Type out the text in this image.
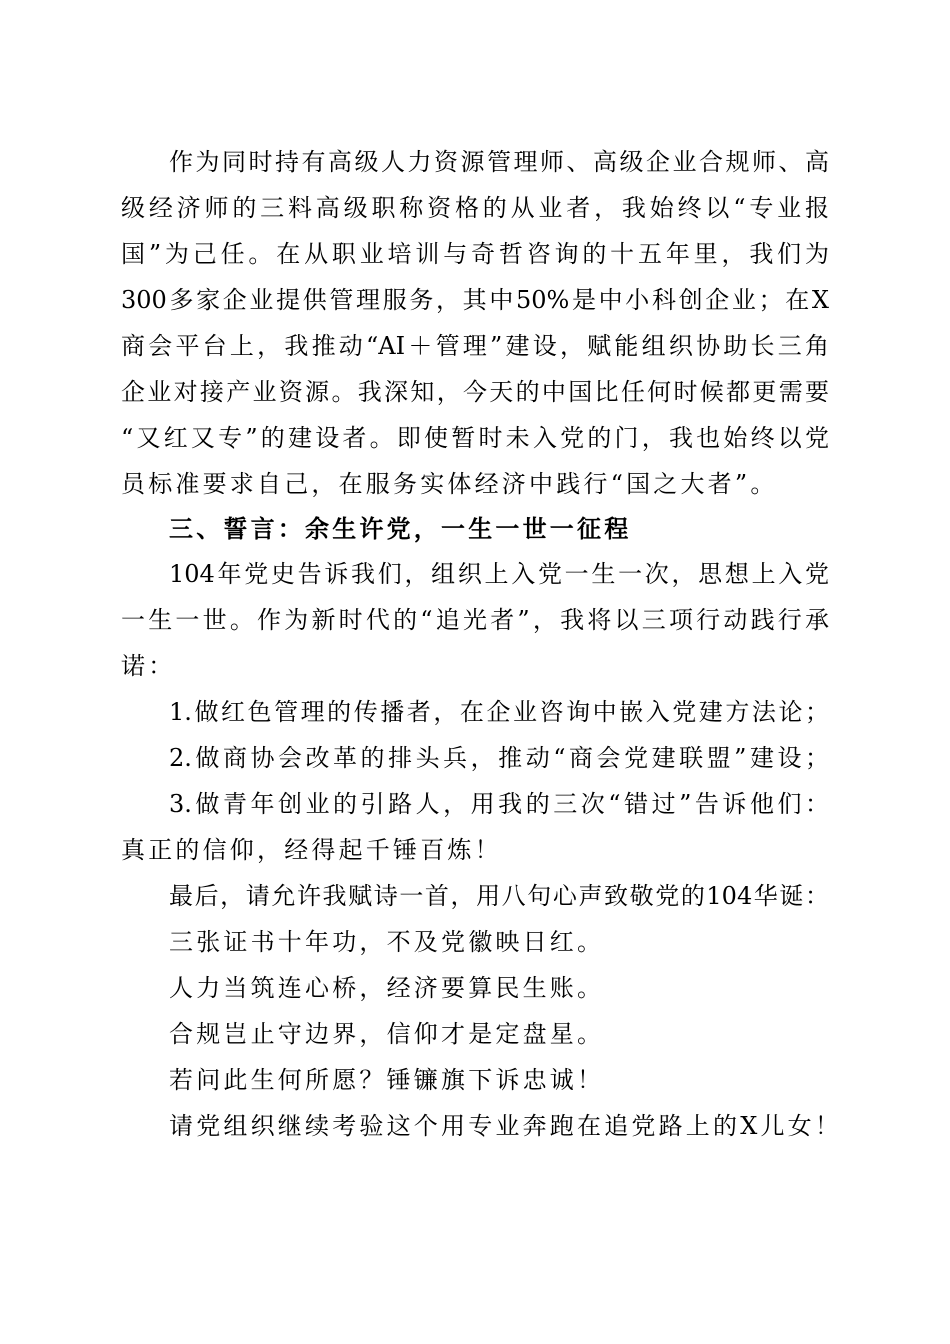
作为同时持有高级人力资源管理师、高级企业合规师、高
级经济师的三料高级职称资格的从业者，我始终以“专业报
国”为己任。在从职业培训与奇哲咨询的十五年里，我们为
300多家企业提供管理服务，其中50%是中小科创企业；在X
商会平台上，我推动“AI＋管理”建设，赋能组织协助长三角
企业对接产业资源。我深知，今天的中国比任何时候都更需要
“又红又专”的建设者。即使暂时未入党的门，我也始终以党
员标准要求自己，在服务实体经济中践行“国之大者”。
三、誓言：余生许党，一生一世一征程
104年党史告诉我们，组织上入党一生一次，思想上入党
一生一世。作为新时代的“追光者”，我将以三项行动践行承
诺：
1.做红色管理的传播者，在企业咨询中嵌入党建方法论；
2.做商协会改革的排头兵，推动“商会党建联盟”建设；
3.做青年创业的引路人，用我的三次“错过”告诉他们：
真正的信仰，经得起千锤百炼！
最后，请允许我赋诗一首，用八句心声致敬党的104华诞：
三张证书十年功，不及党徽映日红。
人力当筑连心桥，经济要算民生账。
合规岂止守边界，信仰才是定盘星。
若问此生何所愿？锤镰旗下诉忠诚！
请党组织继续考验这个用专业奔跑在追党路上的X儿女！
